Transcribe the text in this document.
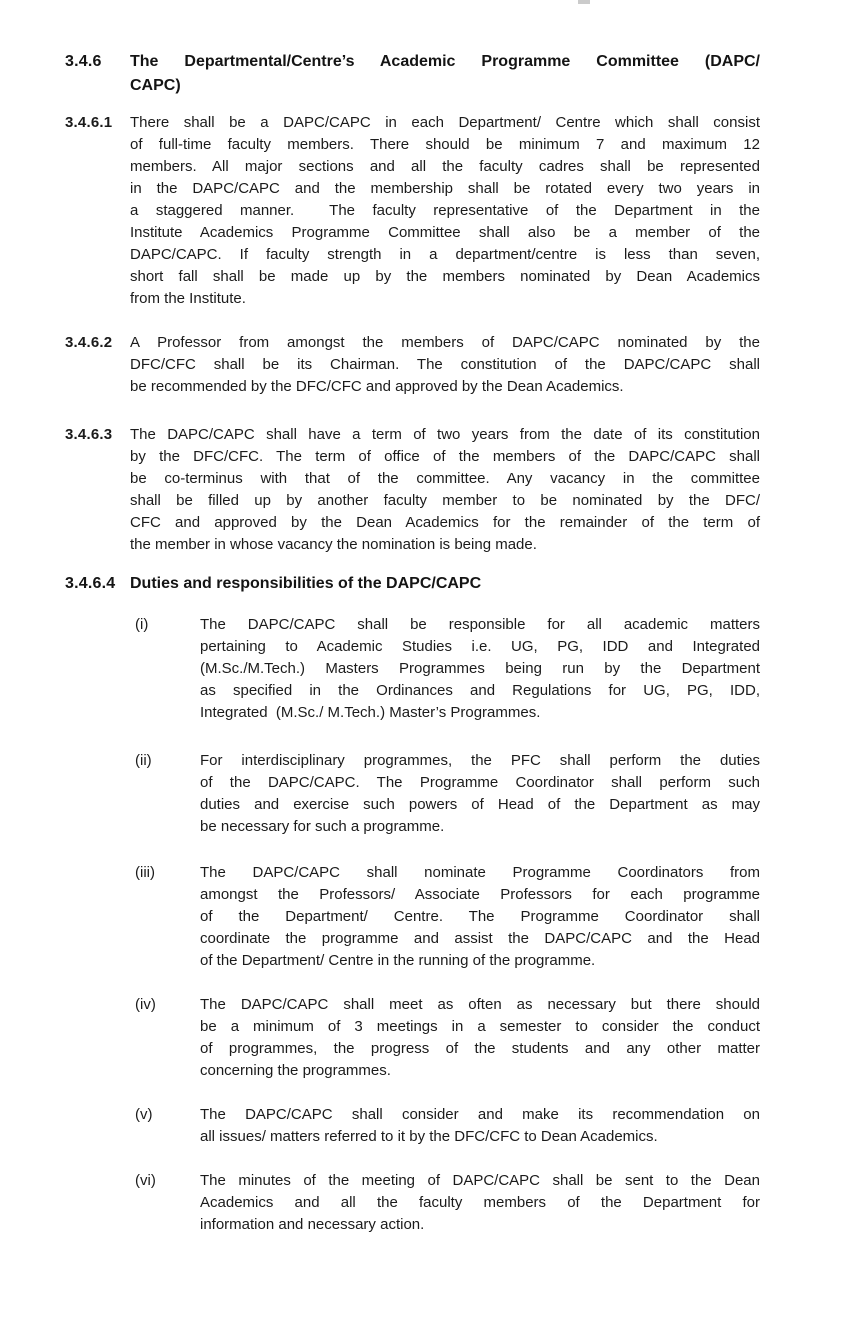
3.4.6	The Departmental/Centre’s Academic Programme Committee (DAPC/
CAPC)
3.4.6.1	There shall be a DAPC/CAPC in each Department/ Centre which shall consist
of full-time faculty members. There should be minimum 7 and maximum 12
members. All major sections and all the faculty cadres shall be represented
in the DAPC/CAPC and the membership shall be rotated every two years in
a staggered manner.  The faculty representative of the Department in the
Institute Academics Programme Committee shall also be a member of the
DAPC/CAPC. If faculty strength in a department/centre is less than seven,
short fall shall be made up by the members nominated by Dean Academics
from the Institute.
3.4.6.2	A Professor from amongst the members of DAPC/CAPC nominated by the
DFC/CFC shall be its Chairman. The constitution of the DAPC/CAPC shall
be recommended by the DFC/CFC and approved by the Dean Academics.
3.4.6.3	The DAPC/CAPC shall have a term of two years from the date of its constitution
by the DFC/CFC. The term of office of the members of the DAPC/CAPC shall
be co-terminus with that of the committee. Any vacancy in the committee
shall be filled up by another faculty member to be nominated by the DFC/
CFC and approved by the Dean Academics for the remainder of the term of
the member in whose vacancy the nomination is being made.
3.4.6.4 Duties and responsibilities of the DAPC/CAPC
(i)	The DAPC/CAPC shall be responsible for all academic matters
pertaining to Academic Studies i.e. UG, PG, IDD and Integrated
(M.Sc./M.Tech.) Masters Programmes being run by the Department
as specified in the Ordinances and Regulations for UG, PG, IDD,
Integrated  (M.Sc./ M.Tech.) Master’s Programmes.
(ii)	For interdisciplinary programmes, the PFC shall perform the duties
of the DAPC/CAPC. The Programme Coordinator shall perform such
duties and exercise such powers of Head of the Department as may
be necessary for such a programme.
(iii)	The DAPC/CAPC shall nominate Programme Coordinators from
amongst the Professors/ Associate Professors for each programme
of the Department/ Centre. The Programme Coordinator shall
coordinate the programme and assist the DAPC/CAPC and the Head
of the Department/ Centre in the running of the programme.
(iv)	The DAPC/CAPC shall meet as often as necessary but there should
be a minimum of 3 meetings in a semester to consider the conduct
of programmes, the progress of the students and any other matter
concerning the programmes.
(v)	The DAPC/CAPC shall consider and make its recommendation on
all issues/ matters referred to it by the DFC/CFC to Dean Academics.
(vi)	The minutes of the meeting of DAPC/CAPC shall be sent to the Dean
Academics and all the faculty members of the Department for
information and necessary action.
